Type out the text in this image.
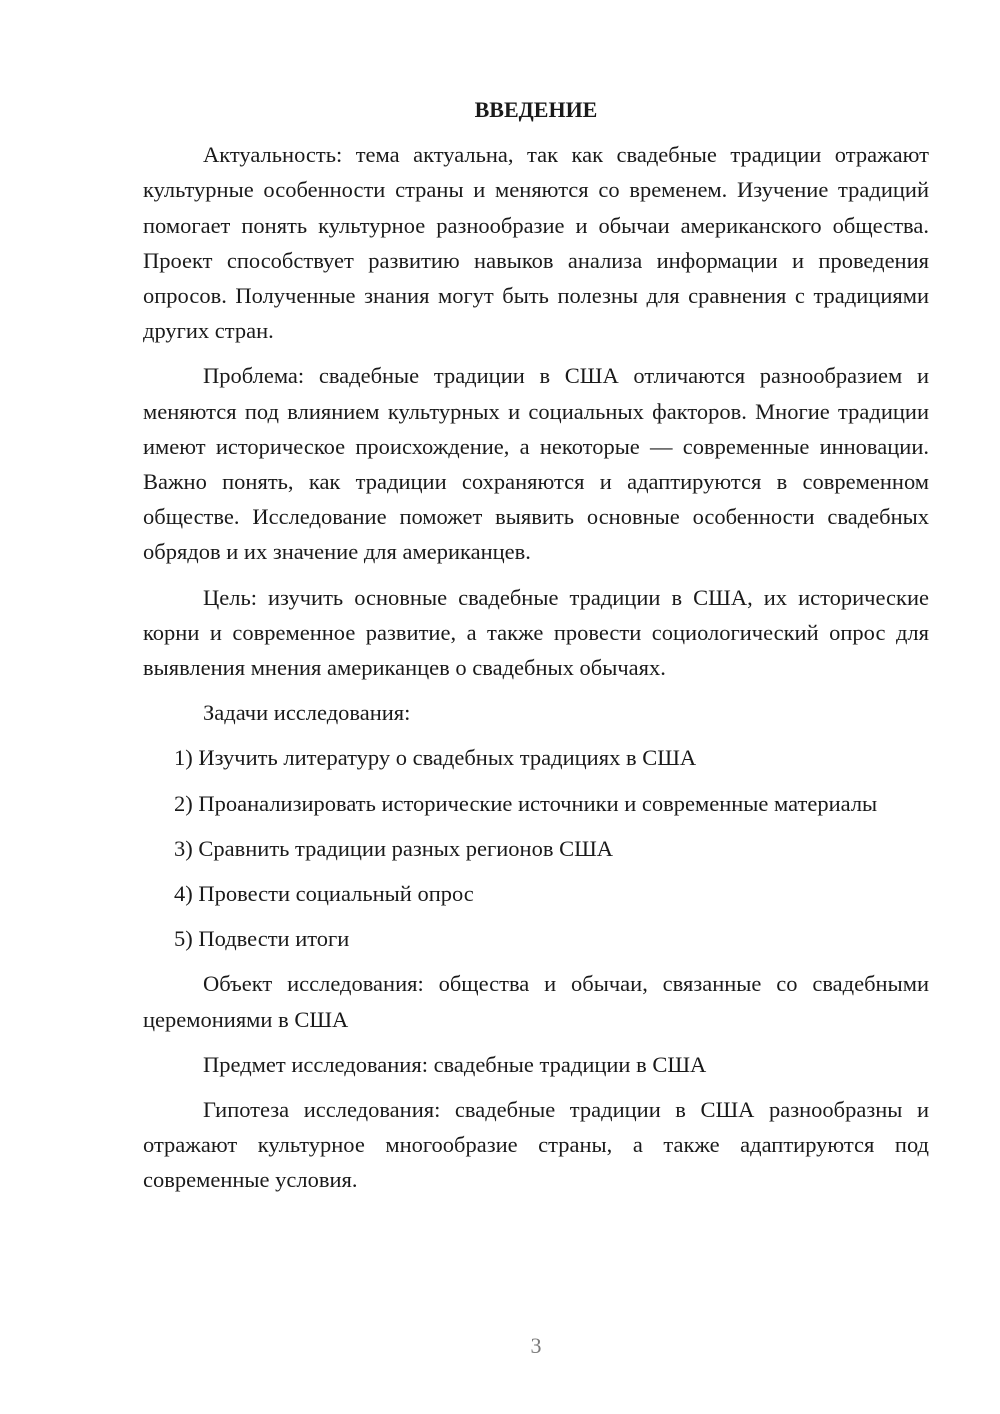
ВВЕДЕНИЕ

Актуальность: тема актуальна, так как свадебные традиции отражают культурные особенности страны и меняются со временем. Изучение традиций помогает понять культурное разнообразие и обычаи американского общества. Проект способствует развитию навыков анализа информации и проведения опросов. Полученные знания могут быть полезны для сравнения с традициями других стран.

Проблема: свадебные традиции в США отличаются разнообразием и меняются под влиянием культурных и социальных факторов. Многие традиции имеют историческое происхождение, а некоторые — современные инновации. Важно понять, как традиции сохраняются и адаптируются в современном обществе. Исследование поможет выявить основные особенности свадебных обрядов и их значение для американцев.

Цель: изучить основные свадебные традиции в США, их исторические корни и современное развитие, а также провести социологический опрос для выявления мнения американцев о свадебных обычаях.

Задачи исследования:

1) Изучить литературу о свадебных традициях в США

2) Проанализировать исторические источники и современные материалы

3) Сравнить традиции разных регионов США

4) Провести социальный опрос

5) Подвести итоги

Объект исследования: общества и обычаи, связанные со свадебными церемониями в США

Предмет исследования: свадебные традиции в США

Гипотеза исследования: свадебные традиции в США разнообразны и отражают культурное многообразие страны, а также адаптируются под современные условия.

3
